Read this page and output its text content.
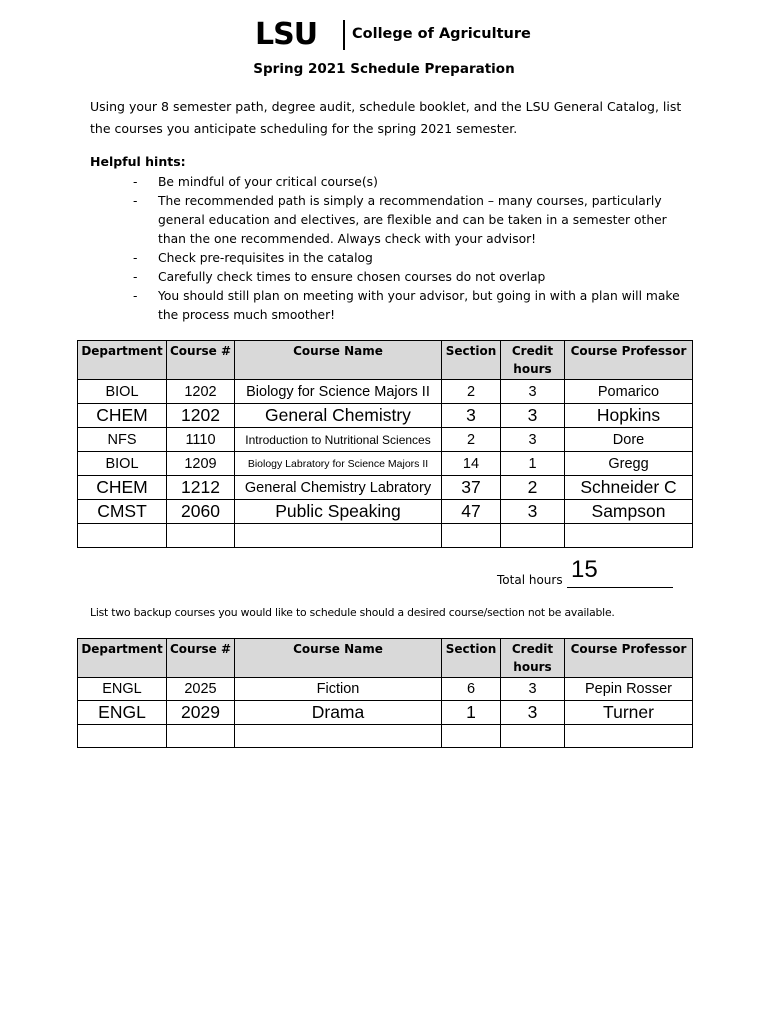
LSU College of Agriculture
Spring 2021 Schedule Preparation
Using your 8 semester path, degree audit, schedule booklet, and the LSU General Catalog, list the courses you anticipate scheduling for the spring 2021 semester.
Helpful hints:
- Be mindful of your critical course(s)
- The recommended path is simply a recommendation – many courses, particularly general education and electives, are flexible and can be taken in a semester other than the one recommended. Always check with your advisor!
- Check pre-requisites in the catalog
- Carefully check times to ensure chosen courses do not overlap
- You should still plan on meeting with your advisor, but going in with a plan will make the process much smoother!
Department	Course #	Course Name	Section	Credit hours	Course Professor
BIOL	1202	Biology for Science Majors II	2	3	Pomarico
CHEM	1202	General Chemistry	3	3	Hopkins
NFS	1110	Introduction to Nutritional Sciences	2	3	Dore
BIOL	1209	Biology Labratory for Science Majors II	14	1	Gregg
CHEM	1212	General Chemistry Labratory	37	2	Schneider C
CMST	2060	Public Speaking	47	3	Sampson

Total hours 15
List two backup courses you would like to schedule should a desired course/section not be available.
Department	Course #	Course Name	Section	Credit hours	Course Professor
ENGL	2025	Fiction	6	3	Pepin Rosser
ENGL	2029	Drama	1	3	Turner
